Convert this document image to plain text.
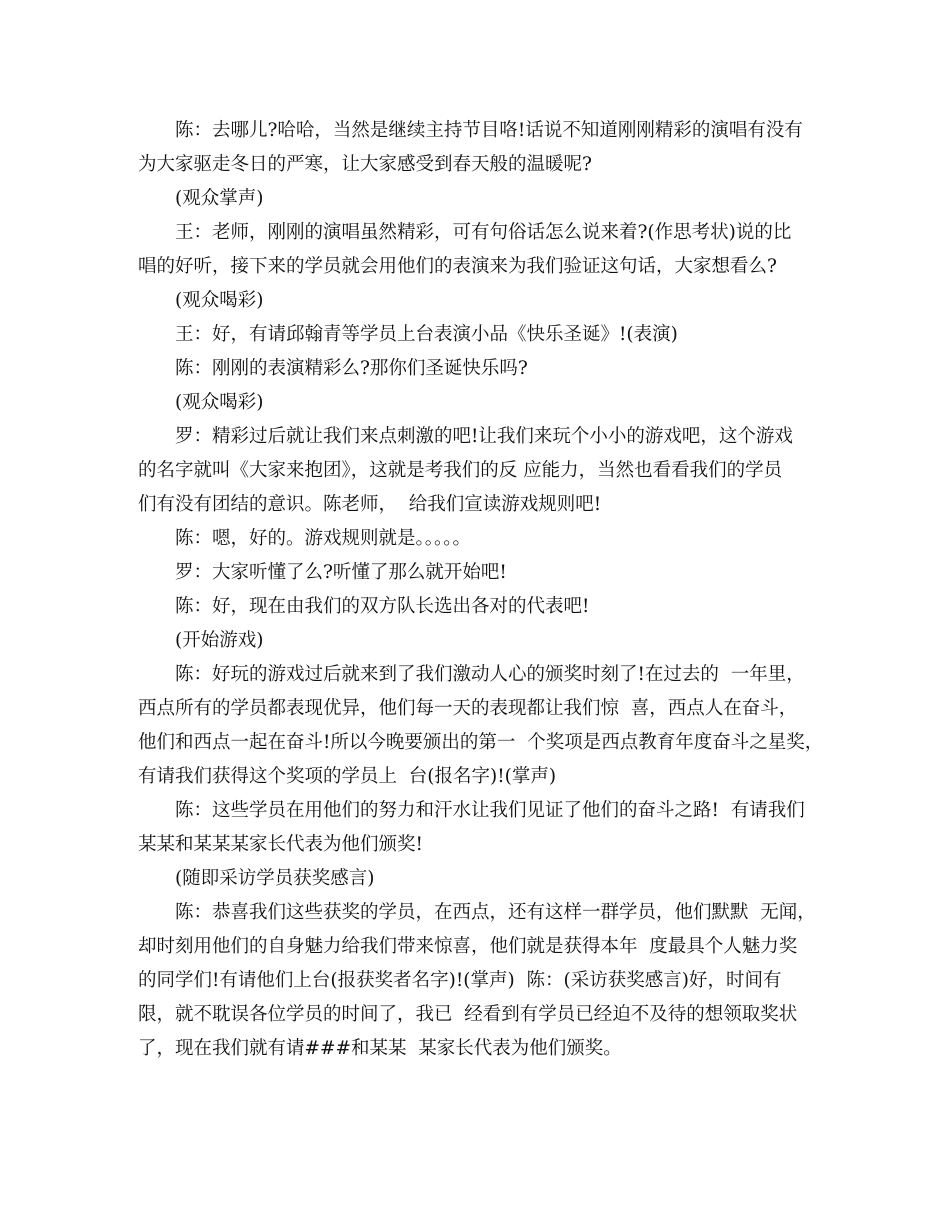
陈：去哪儿?哈哈，当然是继续主持节目咯!话说不知道刚刚精彩的演唱有没有
为大家驱走冬日的严寒，让大家感受到春天般的温暖呢?
(观众掌声)
王：老师，刚刚的演唱虽然精彩，可有句俗话怎么说来着?(作思考状)说的比
唱的好听，接下来的学员就会用他们的表演来为我们验证这句话，大家想看么?
(观众喝彩)
王：好，有请邱翰青等学员上台表演小品《快乐圣诞》!(表演)
陈：刚刚的表演精彩么?那你们圣诞快乐吗?
(观众喝彩)
罗：精彩过后就让我们来点刺激的吧!让我们来玩个小小的游戏吧，这个游戏
的名字就叫《大家来抱团》，这就是考我们的反 应能力，当然也看看我们的学员
们有没有团结的意识。陈老师，  给我们宣读游戏规则吧!
陈：嗯，好的。游戏规则就是。。。。。
罗：大家听懂了么?听懂了那么就开始吧!
陈：好，现在由我们的双方队长选出各对的代表吧!
(开始游戏)
陈：好玩的游戏过后就来到了我们激动人心的颁奖时刻了!在过去的  一年里，
西点所有的学员都表现优异，他们每一天的表现都让我们惊  喜，西点人在奋斗，
他们和西点一起在奋斗!所以今晚要颁出的第一  个奖项是西点教育年度奋斗之星奖，
有请我们获得这个奖项的学员上  台(报名字)!(掌声)
陈：这些学员在用他们的努力和汗水让我们见证了他们的奋斗之路!  有请我们
某某和某某某家长代表为他们颁奖!
(随即采访学员获奖感言)
陈：恭喜我们这些获奖的学员，在西点，还有这样一群学员，他们默默  无闻，
却时刻用他们的自身魅力给我们带来惊喜，他们就是获得本年  度最具个人魅力奖
的同学们!有请他们上台(报获奖者名字)!(掌声)  陈：(采访获奖感言)好，时间有
限，就不耽误各位学员的时间了，我已  经看到有学员已经迫不及待的想领取奖状
了，现在我们就有请###和某某  某家长代表为他们颁奖。
